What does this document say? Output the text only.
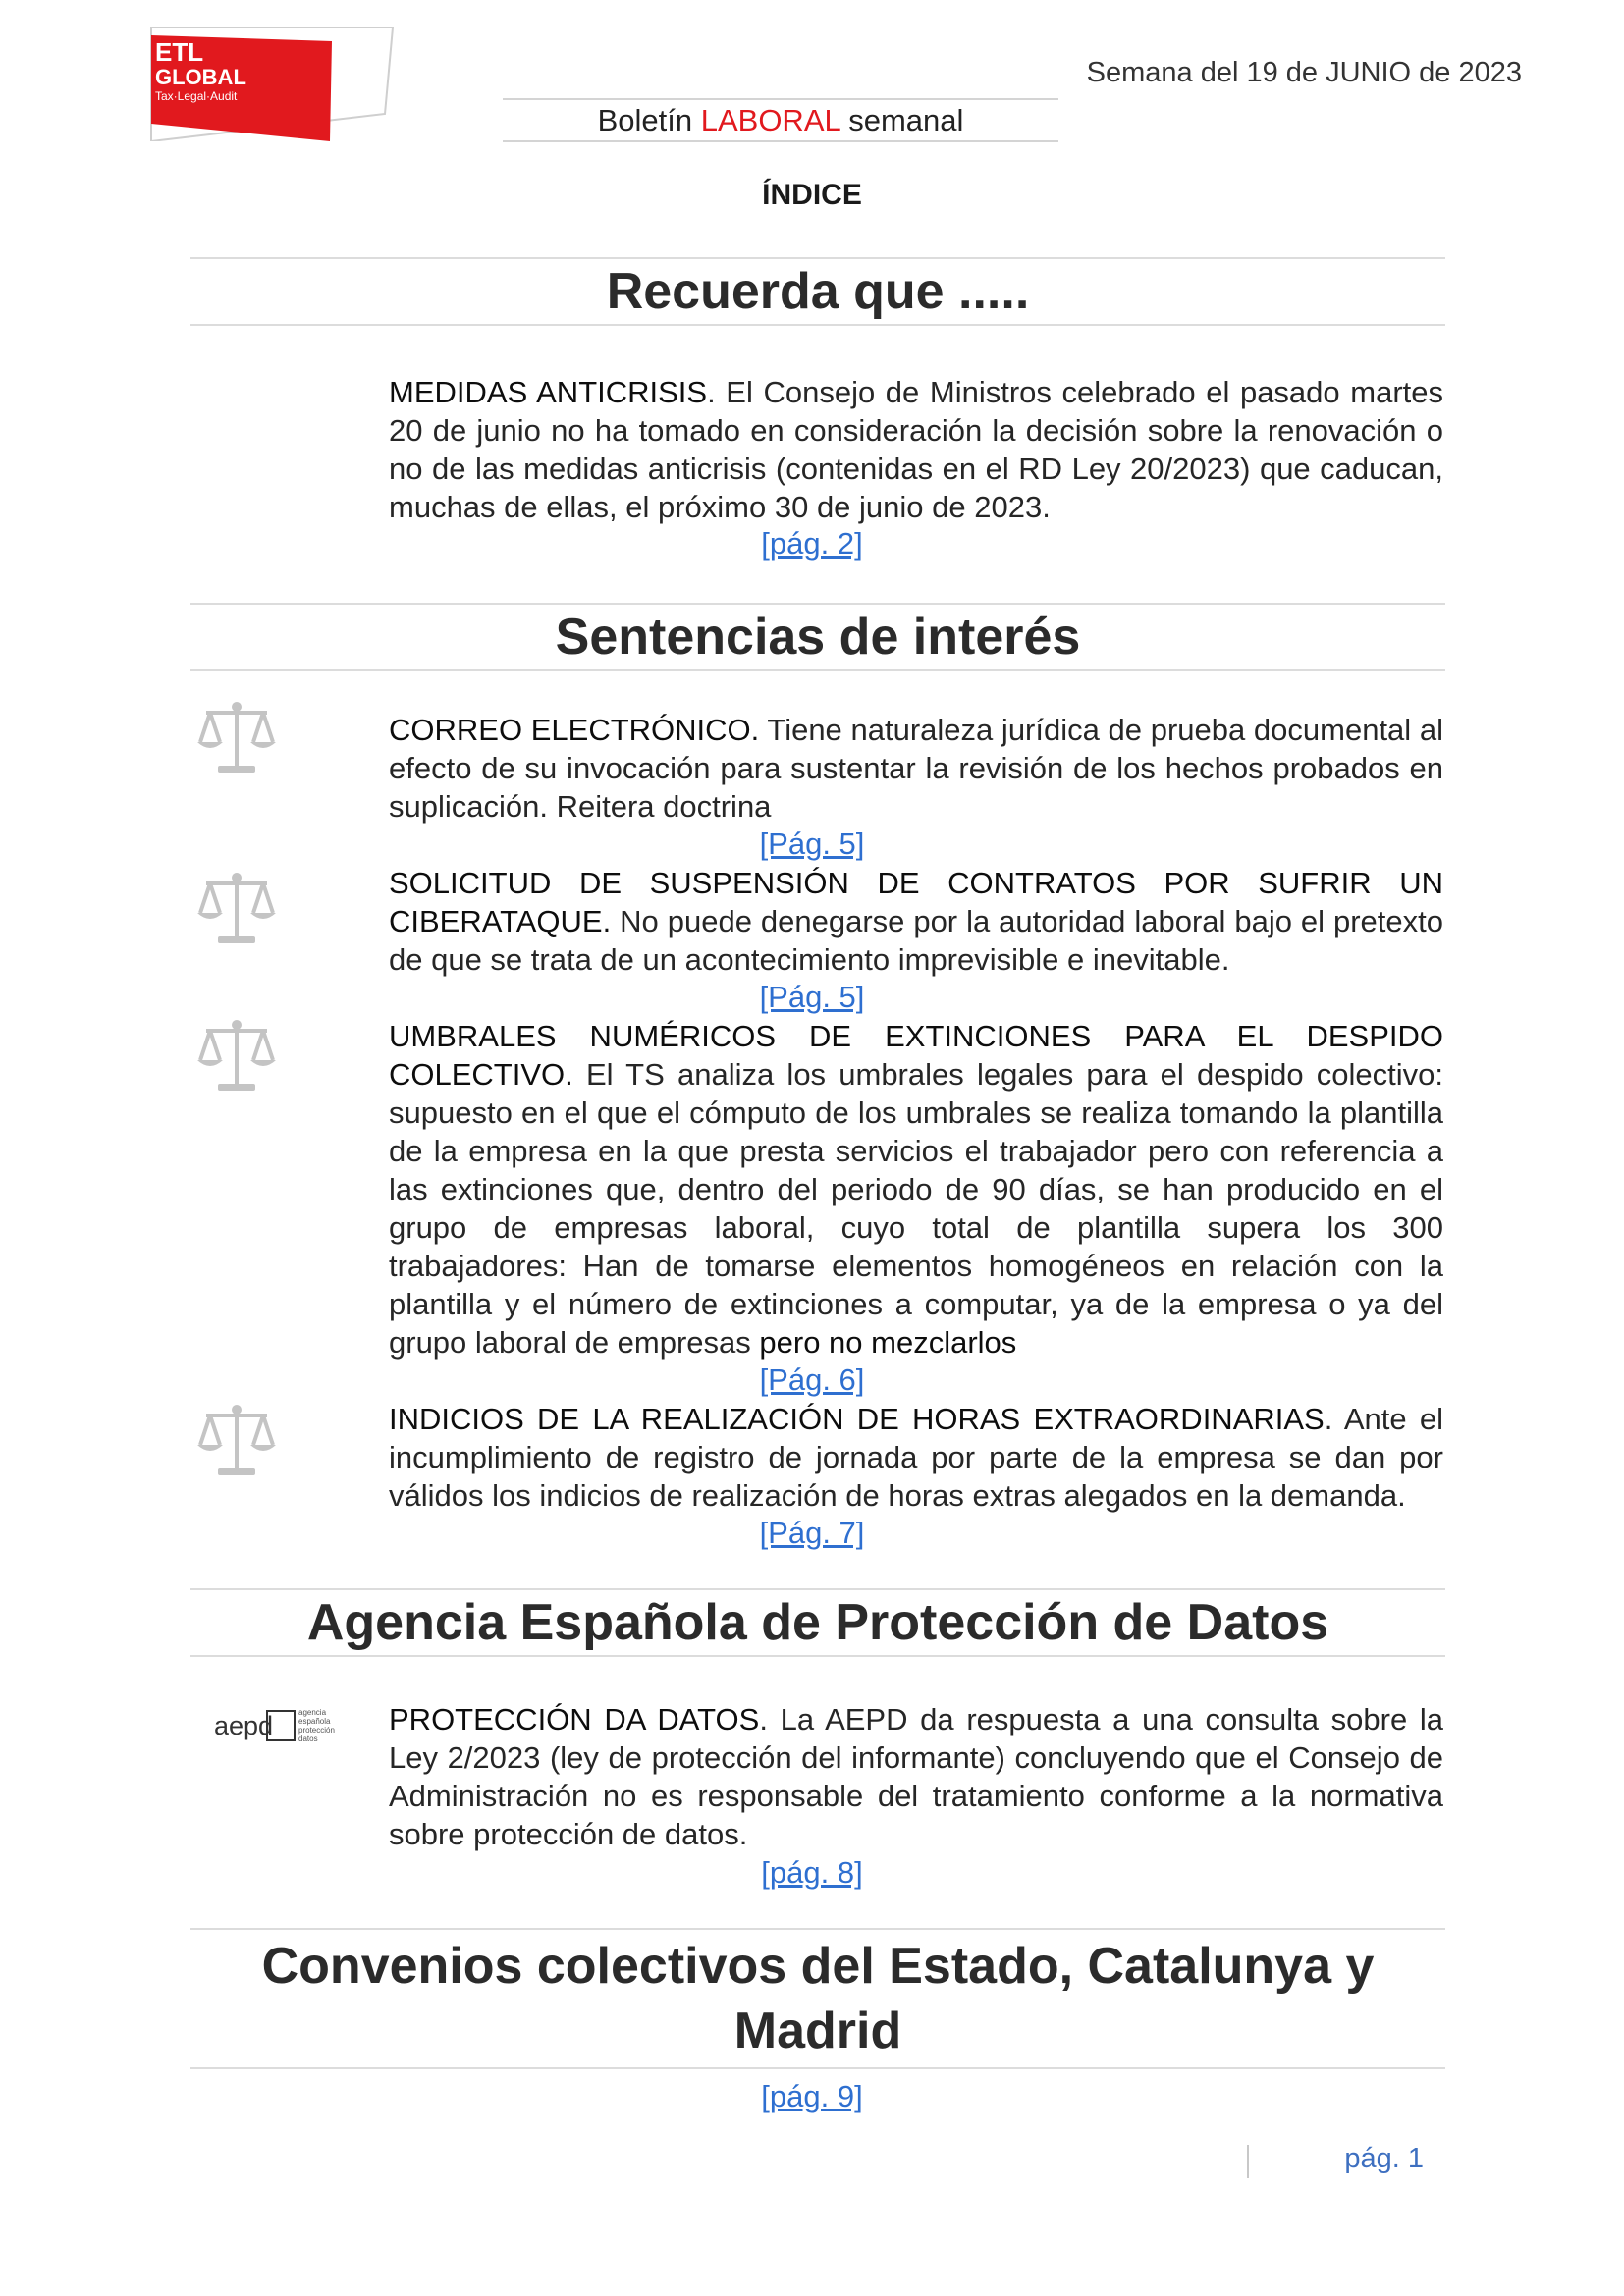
ETL
GLOBAL
Tax·Legal·Audit
Semana del 19 de JUNIO de 2023
Boletín LABORAL semanal
ÍNDICE
Recuerda que .....
MEDIDAS ANTICRISIS. El Consejo de Ministros celebrado el pasado martes 20 de junio no ha tomado en consideración la decisión sobre la renovación o no de las medidas anticrisis (contenidas en el RD Ley 20/2023) que caducan, muchas de ellas, el próximo 30 de junio de 2023.
[pág. 2]
Sentencias de interés
CORREO ELECTRÓNICO. Tiene naturaleza jurídica de prueba documental al efecto de su invocación para sustentar la revisión de los hechos probados en suplicación. Reitera doctrina
[Pág. 5]
SOLICITUD DE SUSPENSIÓN DE CONTRATOS POR SUFRIR UN CIBERATAQUE. No puede denegarse por la autoridad laboral bajo el pretexto de que se trata de un acontecimiento imprevisible e inevitable.
[Pág. 5]
UMBRALES NUMÉRICOS DE EXTINCIONES PARA EL DESPIDO COLECTIVO. El TS analiza los umbrales legales para el despido colectivo: supuesto en el que el cómputo de los umbrales se realiza tomando la plantilla de la empresa en la que presta servicios el trabajador pero con referencia a las extinciones que, dentro del periodo de 90 días, se han producido en el grupo de empresas laboral, cuyo total de plantilla supera los 300 trabajadores: Han de tomarse elementos homogéneos en relación con la plantilla y el número de extinciones a computar, ya de la empresa o ya del grupo laboral de empresas pero no mezclarlos
[Pág. 6]
INDICIOS DE LA REALIZACIÓN DE HORAS EXTRAORDINARIAS. Ante el incumplimiento de registro de jornada por parte de la empresa se dan por válidos los indicios de realización de horas extras alegados en la demanda.
[Pág. 7]
Agencia Española de Protección de Datos
aepd	agencia
española
protección
datos
PROTECCIÓN DA DATOS. La AEPD da respuesta a una consulta sobre la Ley 2/2023 (ley de protección del informante) concluyendo que el Consejo de Administración no es responsable del tratamiento conforme a la normativa sobre protección de datos.
[pág. 8]
Convenios colectivos del Estado, Catalunya y
Madrid
[pág. 9]
pág. 1
